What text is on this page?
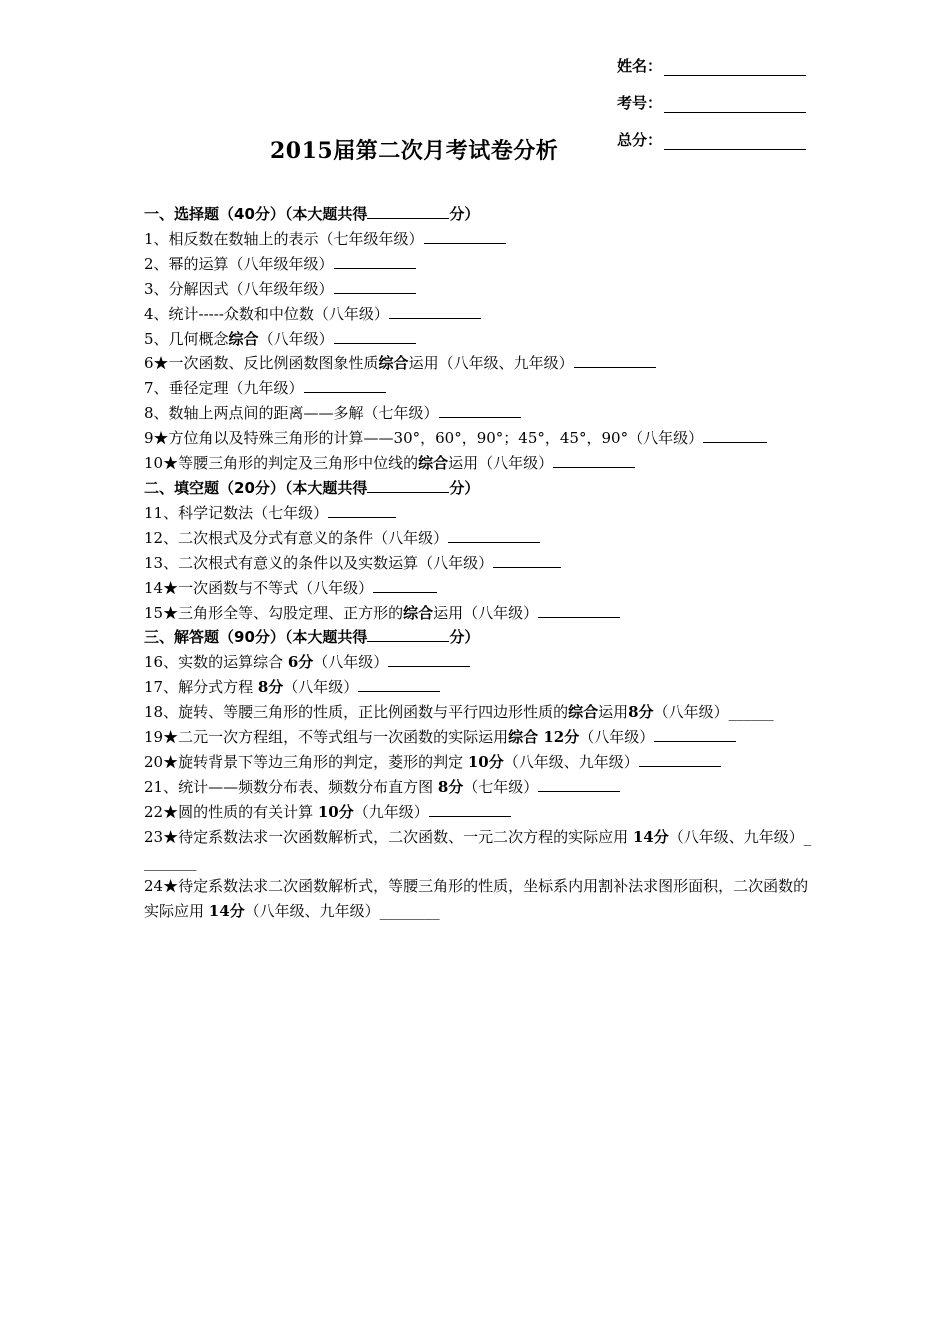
姓名：
考号：
总分：
2015届第二次月考试卷分析
一、选择题（40分）（本大题共得	分）
1、相反数在数轴上的表示（七年级年级）
2、幂的运算（八年级年级）
3、分解因式（八年级年级）
4、统计-----众数和中位数（八年级）
5、几何概念综合（八年级）
6★一次函数、反比例函数图象性质综合运用（八年级、九年级）
7、垂径定理（九年级）
8、数轴上两点间的距离——多解（七年级）
9★方位角以及特殊三角形的计算——30°，60°，90°；45°，45°，90°（八年级）
10★等腰三角形的判定及三角形中位线的综合运用（八年级）
二、填空题（20分）（本大题共得	分）
11、科学记数法（七年级）
12、二次根式及分式有意义的条件（八年级）
13、二次根式有意义的条件以及实数运算（八年级）
14★一次函数与不等式（八年级）
15★三角形全等、勾股定理、正方形的综合运用（八年级）
三、解答题（90分）（本大题共得	分）
16、实数的运算综合 6分（八年级）
17、解分式方程 8分（八年级）
18、旋转、等腰三角形的性质，正比例函数与平行四边形性质的综合运用8分（八年级）______
19★二元一次方程组，不等式组与一次函数的实际运用综合 12分（八年级）
20★旋转背景下等边三角形的判定，菱形的判定 10分（八年级、九年级）
21、统计——频数分布表、频数分布直方图 8分（七年级）
22★圆的性质的有关计算 10分（九年级）
23★待定系数法求一次函数解析式，二次函数、一元二次方程的实际应用 14分（八年级、九年级）________
24★待定系数法求二次函数解析式，等腰三角形的性质，坐标系内用割补法求图形面积，二次函数的实际应用 14分（八年级、九年级）________
